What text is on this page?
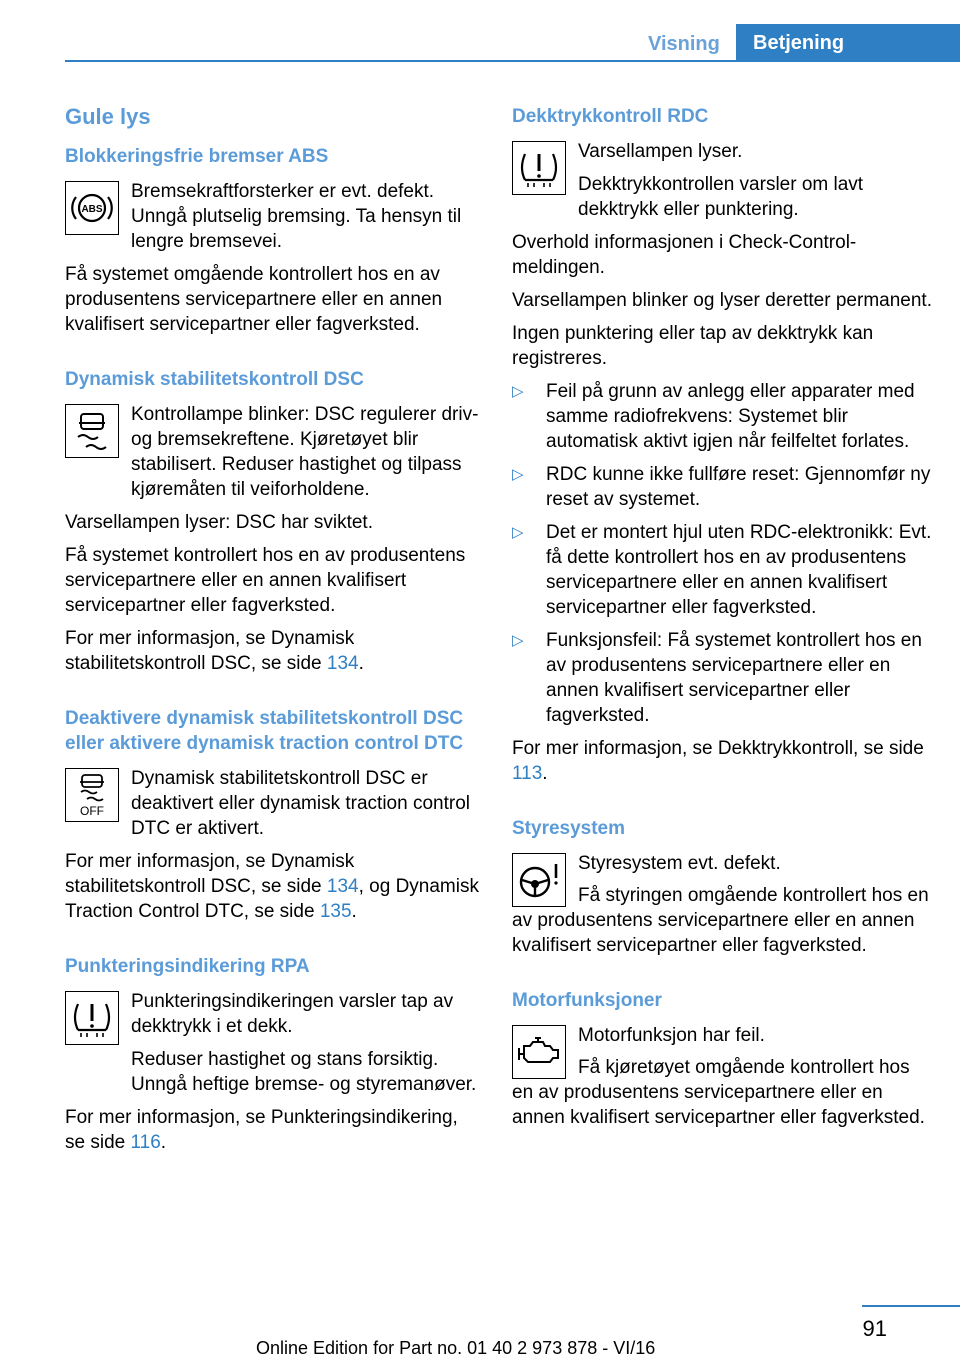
Visning	Betjening
Gule lys
Blokkeringsfrie bremser ABS
ABS
Bremsekraftforsterker er evt. defekt. Unngå plutselig bremsing. Ta hensyn til lengre bremsevei.
Få systemet omgående kontrollert hos en av produsentens servicepartnere eller en annen kvalifisert servicepartner eller fagverksted.
Dynamisk stabilitetskontroll DSC
Kontrollampe blinker: DSC regulerer driv- og bremsekreftene. Kjøretøyet blir stabilisert. Reduser hastighet og tilpass kjøremåten til veiforholdene.
Varsellampen lyser: DSC har sviktet.
Få systemet kontrollert hos en av produsentens servicepartnere eller en annen kvalifisert servicepartner eller fagverksted.
For mer informasjon, se Dynamisk stabilitetskontroll DSC, se side 134.
Deaktivere dynamisk stabilitetskontroll DSC eller aktivere dynamisk traction control DTC
OFF
Dynamisk stabilitetskontroll DSC er deaktivert eller dynamisk traction control DTC er aktivert.
For mer informasjon, se Dynamisk stabilitetskontroll DSC, se side 134, og Dynamisk Traction Control DTC, se side 135.
Punkteringsindikering RPA
Punkteringsindikeringen varsler tap av dekktrykk i et dekk.
Reduser hastighet og stans forsiktig. Unngå heftige bremse- og styremanøver.
For mer informasjon, se Punkteringsindikering, se side 116.
Dekktrykkontroll RDC
Varsellampen lyser.
Dekktrykkontrollen varsler om lavt dekktrykk eller punktering.
Overhold informasjonen i Check-Control-meldingen.
Varsellampen blinker og lyser deretter permanent.
Ingen punktering eller tap av dekktrykk kan registreres.
▷ Feil på grunn av anlegg eller apparater med samme radiofrekvens: Systemet blir automatisk aktivt igjen når feilfeltet forlates.
▷ RDC kunne ikke fullføre reset: Gjennomfør ny reset av systemet.
▷ Det er montert hjul uten RDC-elektronikk: Evt. få dette kontrollert hos en av produsentens servicepartnere eller en annen kvalifisert servicepartner eller fagverksted.
▷ Funksjonsfeil: Få systemet kontrollert hos en av produsentens servicepartnere eller en annen kvalifisert servicepartner eller fagverksted.
For mer informasjon, se Dekktrykkontroll, se side 113.
Styresystem
Styresystem evt. defekt.
Få styringen omgående kontrollert hos en av produsentens servicepartnere eller en annen kvalifisert servicepartner eller fagverksted.
Motorfunksjoner
Motorfunksjon har feil.
Få kjøretøyet omgående kontrollert hos en av produsentens servicepartnere eller en annen kvalifisert servicepartner eller fagverksted.
91
Online Edition for Part no. 01 40 2 973 878 - VI/16
